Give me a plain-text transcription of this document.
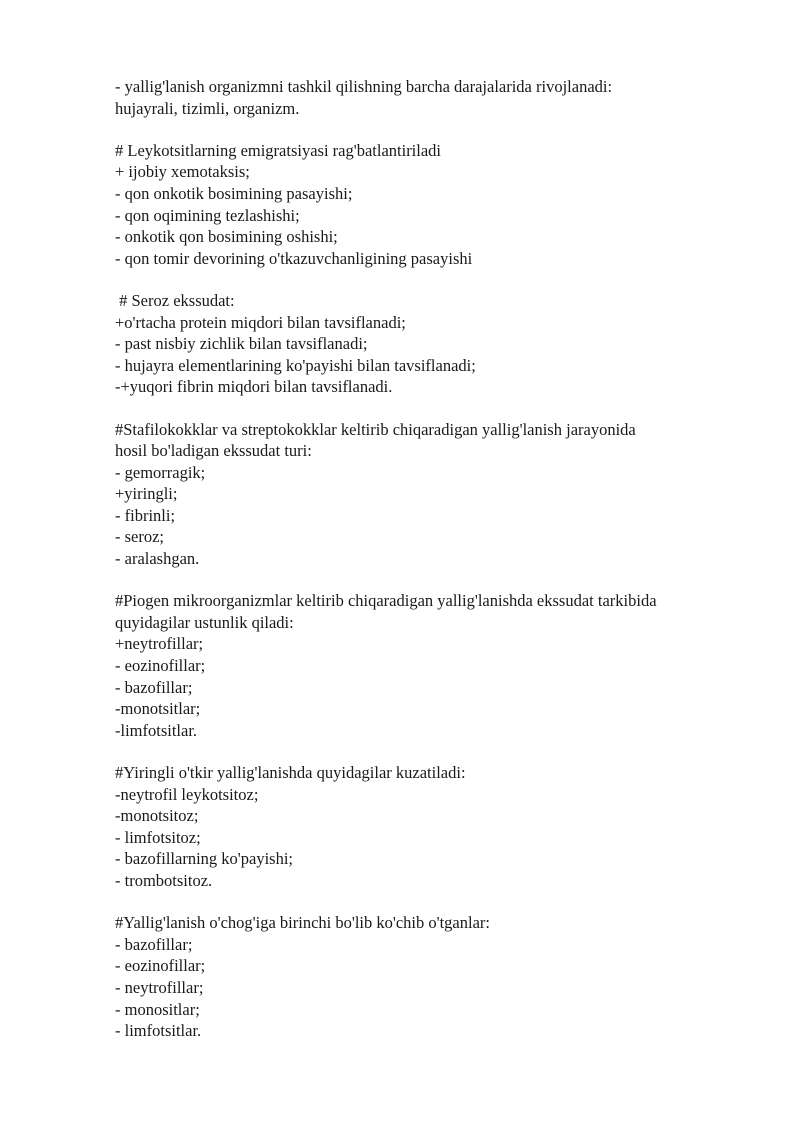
- yallig'lanish organizmni tashkil qilishning barcha darajalarida rivojlanadi:
hujayrali, tizimli, organizm.
# Leykotsitlarning emigratsiyasi rag'batlantiriladi
+ ijobiy xemotaksis;
- qon onkotik bosimining pasayishi;
- qon oqimining tezlashishi;
- onkotik qon bosimining oshishi;
- qon tomir devorining o'tkazuvchanligining pasayishi
# Seroz ekssudat:
+o'rtacha protein miqdori bilan tavsiflanadi;
- past nisbiy zichlik bilan tavsiflanadi;
- hujayra elementlarining ko'payishi bilan tavsiflanadi;
-+yuqori fibrin miqdori bilan tavsiflanadi.
#Stafilokokklar va streptokokklar keltirib chiqaradigan yallig'lanish jarayonida
hosil bo'ladigan ekssudat turi:
- gemorragik;
+yiringli;
- fibrinli;
- seroz;
- aralashgan.
#Piogen mikroorganizmlar keltirib chiqaradigan yallig'lanishda ekssudat tarkibida
quyidagilar ustunlik qiladi:
+neytrofillar;
- eozinofillar;
- bazofillar;
-monotsitlar;
-limfotsitlar.
#Yiringli o'tkir yallig'lanishda quyidagilar kuzatiladi:
-neytrofil leykotsitoz;
-monotsitoz;
- limfotsitoz;
- bazofillarning ko'payishi;
- trombotsitoz.
#Yallig'lanish o'chog'iga birinchi bo'lib ko'chib o'tganlar:
- bazofillar;
- eozinofillar;
- neytrofillar;
- monositlar;
- limfotsitlar.
